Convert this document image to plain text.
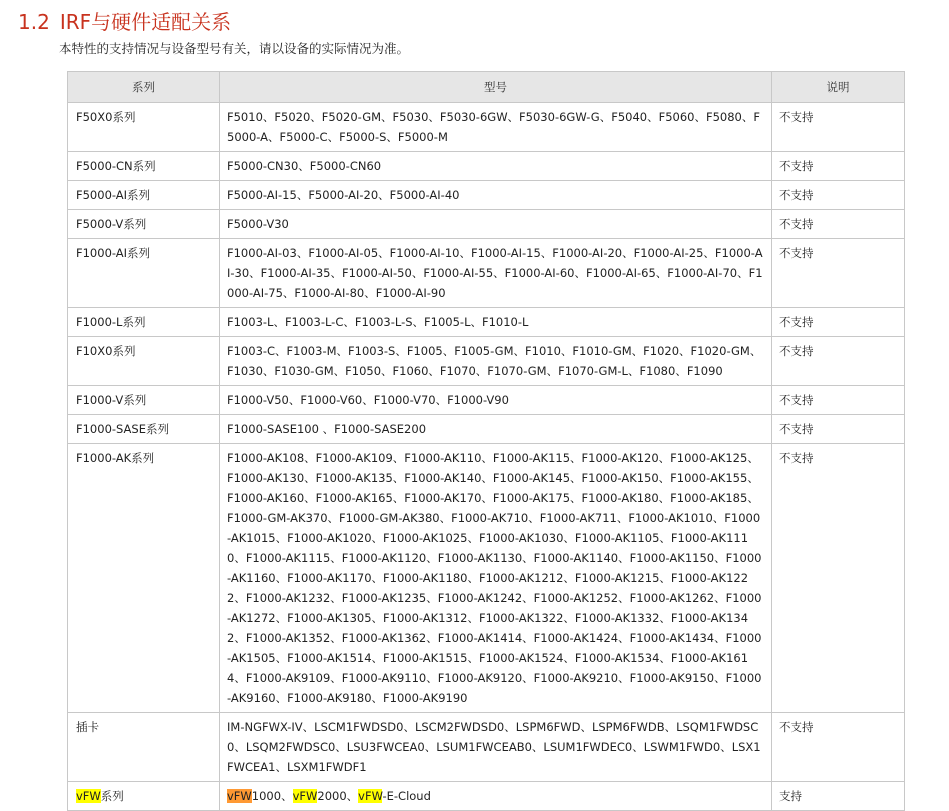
1.2 IRF与硬件适配关系

本特性的支持情况与设备型号有关，请以设备的实际情况为准。

系列	型号	说明
F50X0系列	F5010、F5020、F5020-GM、F5030、F5030-6GW、F5030-6GW-G、F5040、F5060、F5080、F5000-A、F5000-C、F5000-S、F5000-M	不支持
F5000-CN系列	F5000-CN30、F5000-CN60	不支持
F5000-AI系列	F5000-AI-15、F5000-AI-20、F5000-AI-40	不支持
F5000-V系列	F5000-V30	不支持
F1000-AI系列	F1000-AI-03、F1000-AI-05、F1000-AI-10、F1000-AI-15、F1000-AI-20、F1000-AI-25、F1000-AI-30、F1000-AI-35、F1000-AI-50、F1000-AI-55、F1000-AI-60、F1000-AI-65、F1000-AI-70、F1000-AI-75、F1000-AI-80、F1000-AI-90	不支持
F1000-L系列	F1003-L、F1003-L-C、F1003-L-S、F1005-L、F1010-L	不支持
F10X0系列	F1003-C、F1003-M、F1003-S、F1005、F1005-GM、F1010、F1010-GM、F1020、F1020-GM、F1030、F1030-GM、F1050、F1060、F1070、F1070-GM、F1070-GM-L、F1080、F1090	不支持
F1000-V系列	F1000-V50、F1000-V60、F1000-V70、F1000-V90	不支持
F1000-SASE系列	F1000-SASE100 、F1000-SASE200	不支持
F1000-AK系列	F1000-AK108、F1000-AK109、F1000-AK110、F1000-AK115、F1000-AK120、F1000-AK125、F1000-AK130、F1000-AK135、F1000-AK140、F1000-AK145、F1000-AK150、F1000-AK155、F1000-AK160、F1000-AK165、F1000-AK170、F1000-AK175、F1000-AK180、F1000-AK185、F1000-GM-AK370、F1000-GM-AK380、F1000-AK710、F1000-AK711、F1000-AK1010、F1000-AK1015、F1000-AK1020、F1000-AK1025、F1000-AK1030、F1000-AK1105、F1000-AK1110、F1000-AK1115、F1000-AK1120、F1000-AK1130、F1000-AK1140、F1000-AK1150、F1000-AK1160、F1000-AK1170、F1000-AK1180、F1000-AK1212、F1000-AK1215、F1000-AK1222、F1000-AK1232、F1000-AK1235、F1000-AK1242、F1000-AK1252、F1000-AK1262、F1000-AK1272、F1000-AK1305、F1000-AK1312、F1000-AK1322、F1000-AK1332、F1000-AK1342、F1000-AK1352、F1000-AK1362、F1000-AK1414、F1000-AK1424、F1000-AK1434、F1000-AK1505、F1000-AK1514、F1000-AK1515、F1000-AK1524、F1000-AK1534、F1000-AK1614、F1000-AK9109、F1000-AK9110、F1000-AK9120、F1000-AK9210、F1000-AK9150、F1000-AK9160、F1000-AK9180、F1000-AK9190	不支持
插卡	IM-NGFWX-IV、LSCM1FWDSD0、LSCM2FWDSD0、LSPM6FWD、LSPM6FWDB、LSQM1FWDSC0、LSQM2FWDSC0、LSU3FWCEA0、LSUM1FWCEAB0、LSUM1FWDEC0、LSWM1FWD0、LSX1FWCEA1、LSXM1FWDF1	不支持
vFW系列	vFW1000、vFW2000、vFW-E-Cloud	支持
